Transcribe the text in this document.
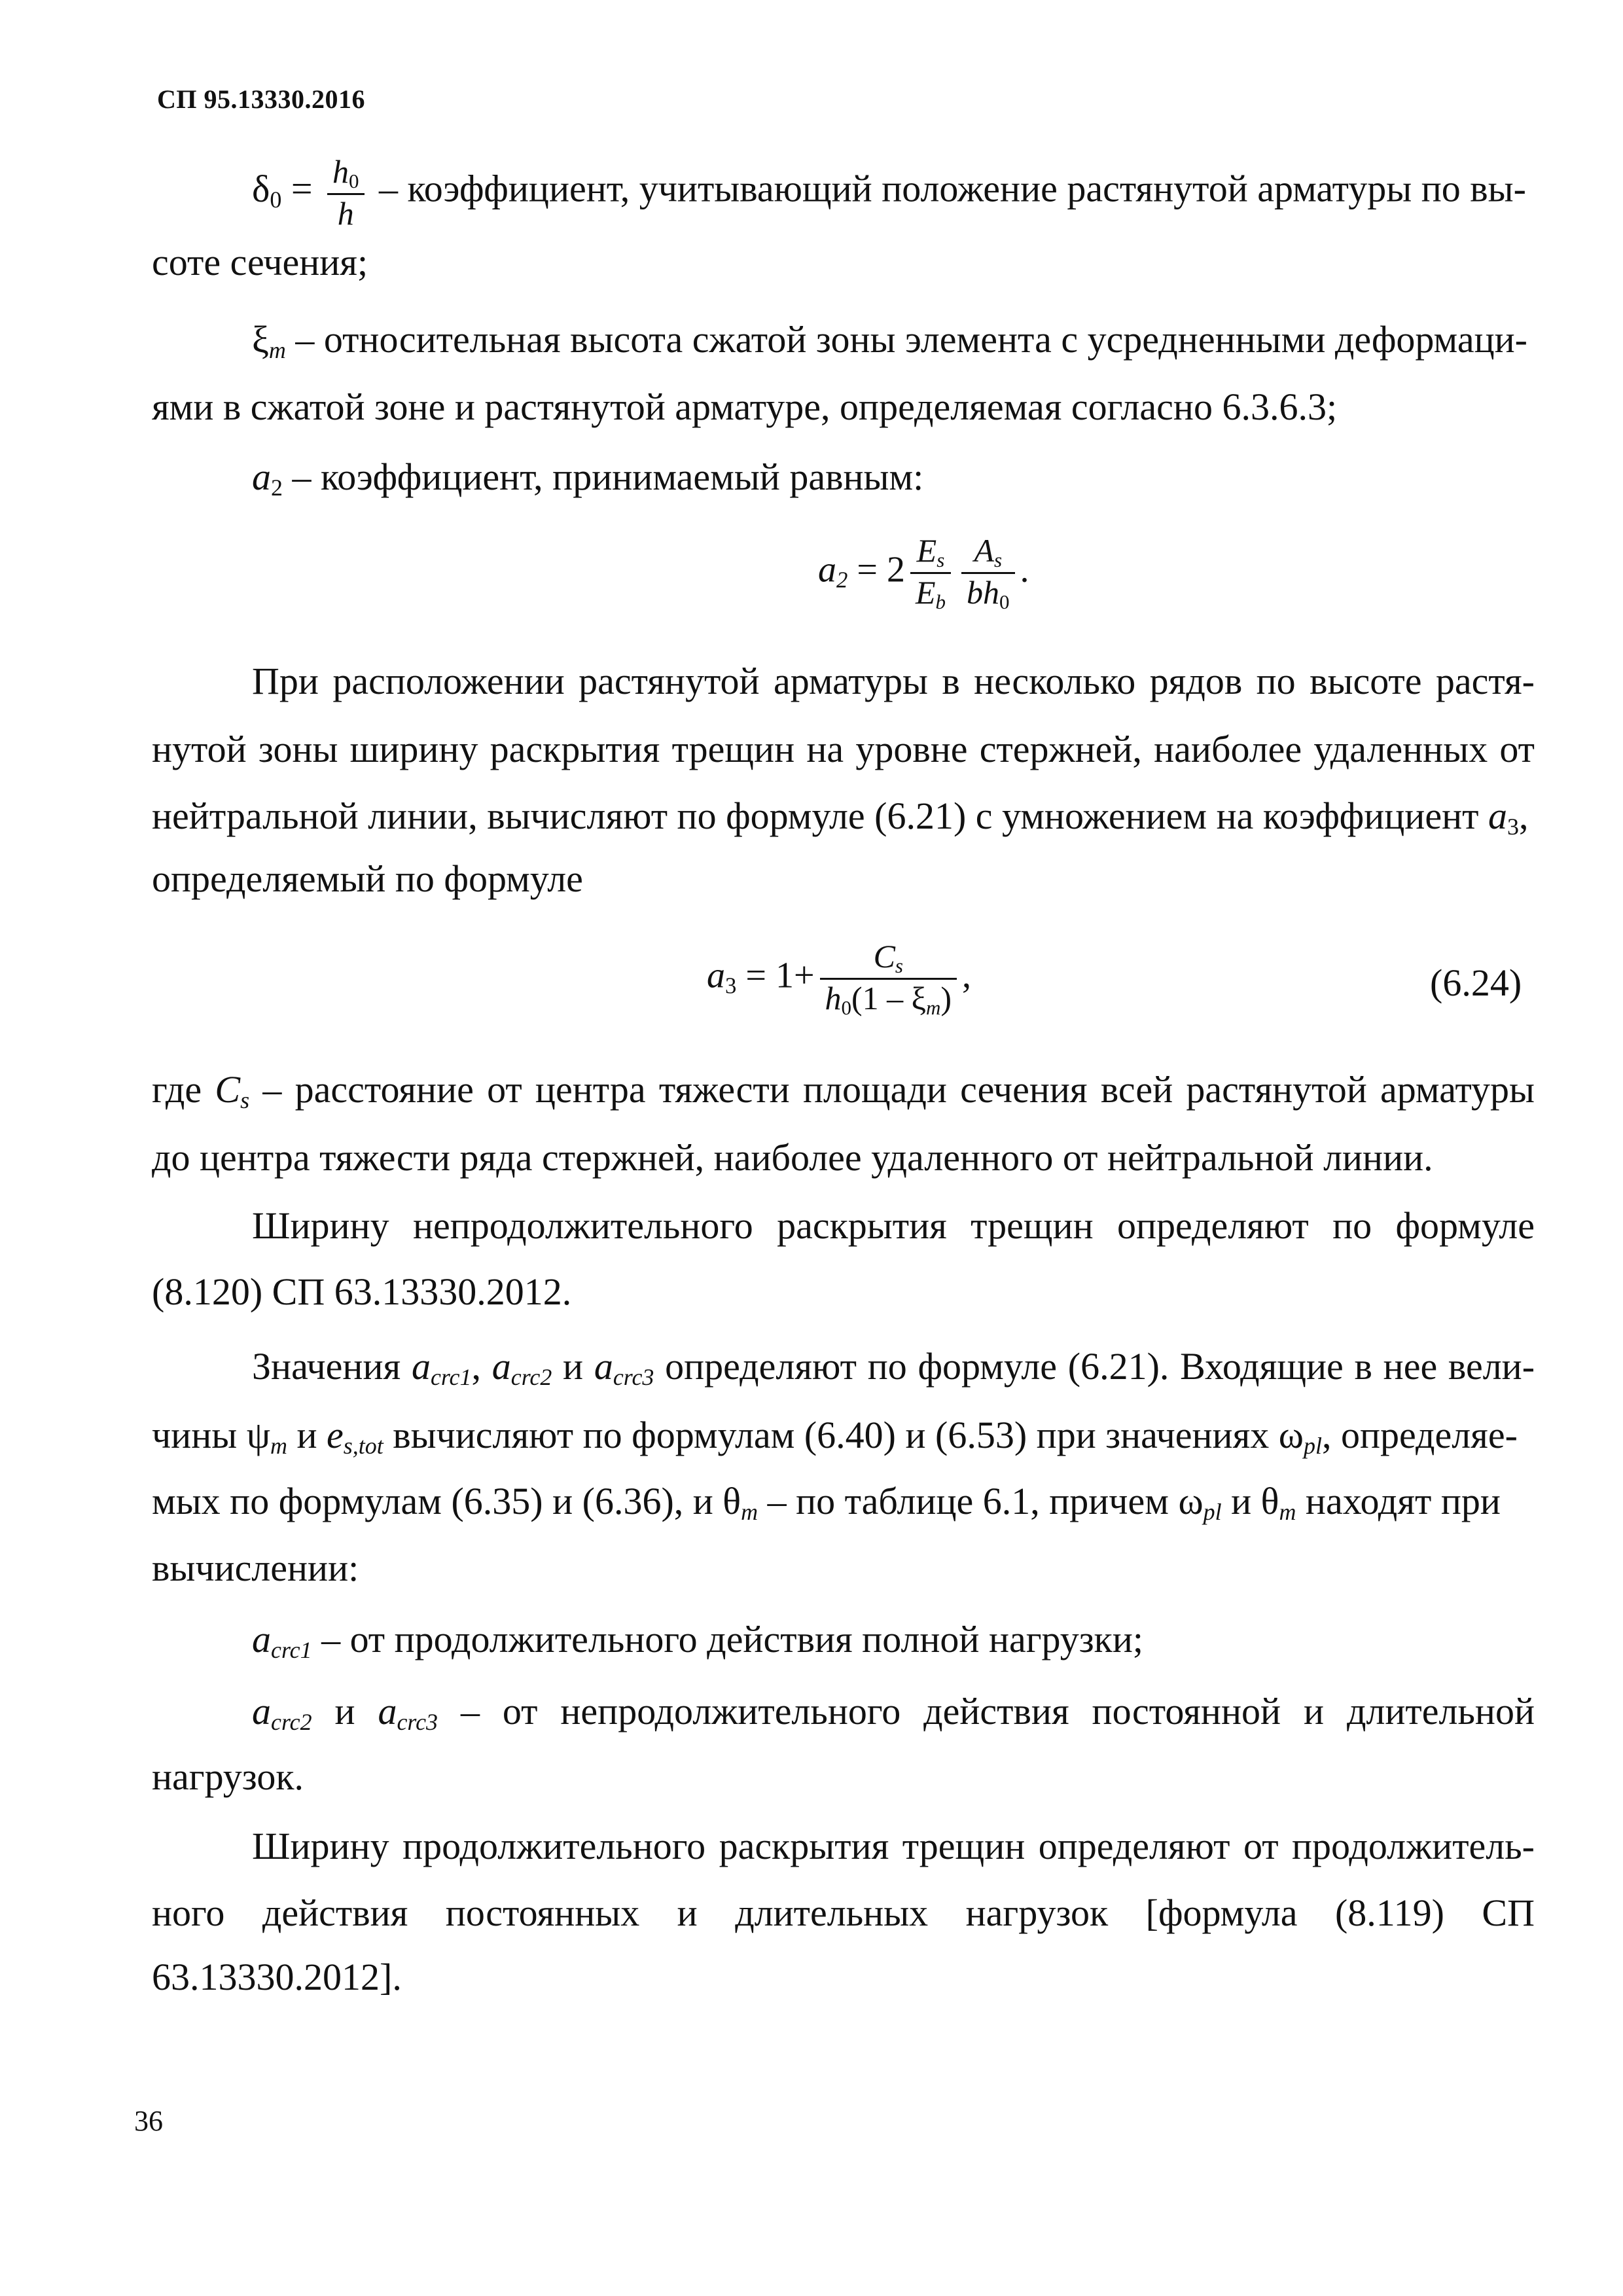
СП 95.13330.2016
$\delta_0 = \frac{h_0}{h}$ – коэффициент, учитывающий положение растянутой арматуры по вы-
соте сечения;
$\xi_m$ – относительная высота сжатой зоны элемента с усредненными деформаци-
ями в сжатой зоне и растянутой арматуре, определяемая согласно 6.3.6.3;
$a_2$ – коэффициент, принимаемый равным:
$a_2 = 2 \frac{E_s}{E_b} \frac{A_s}{bh_0}$ .
При расположении растянутой арматуры в несколько рядов по высоте растя-
нутой зоны ширину раскрытия трещин на уровне стержней, наиболее удаленных от
нейтральной линии, вычисляют по формуле (6.21) с умножением на коэффициент $a_3$,
определяемый по формуле
$a_3 = 1+ \frac{C_s}{h_0(1 - \xi_m)}$ ,	(6.24)
где $C_s$ – расстояние от центра тяжести площади сечения всей растянутой арматуры
до центра тяжести ряда стержней, наиболее удаленного от нейтральной линии.
Ширину непродолжительного раскрытия трещин определяют по формуле
(8.120) СП 63.13330.2012.
Значения $a_{crc1}$, $a_{crc2}$ и $a_{crc3}$ определяют по формуле (6.21). Входящие в нее вели-
чины $\psi_m$ и $e_{s,tot}$ вычисляют по формулам (6.40) и (6.53) при значениях $\omega_{pl}$, определяе-
мых по формулам (6.35) и (6.36), и $\theta_m$ – по таблице 6.1, причем $\omega_{pl}$ и $\theta_m$ находят при
вычислении:
$a_{crc1}$ – от продолжительного действия полной нагрузки;
$a_{crc2}$ и $a_{crc3}$ – от непродолжительного действия постоянной и длительной
нагрузок.
Ширину продолжительного раскрытия трещин определяют от продолжитель-
ного действия постоянных и длительных нагрузок [формула (8.119) СП
63.13330.2012].
36
